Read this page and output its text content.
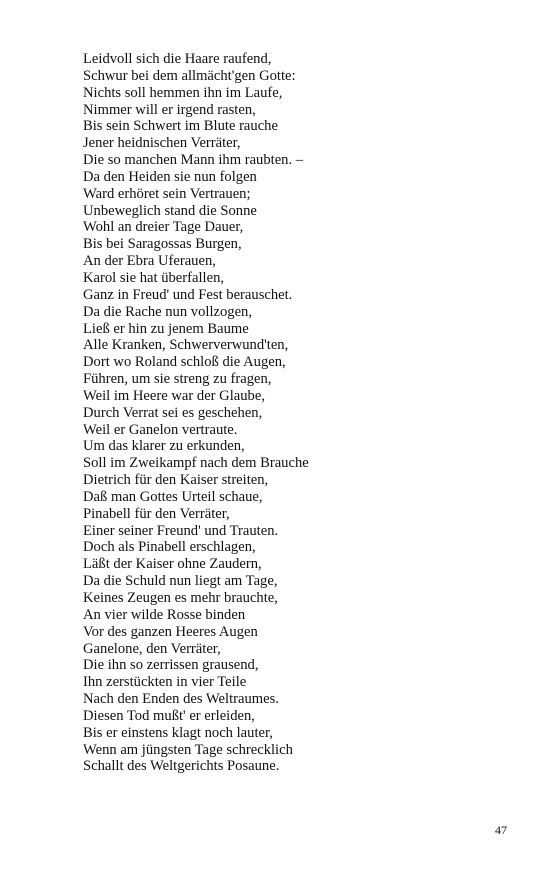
Leidvoll sich die Haare raufend,
Schwur bei dem allmächt'gen Gotte:
Nichts soll hemmen ihn im Laufe,
Nimmer will er irgend rasten,
Bis sein Schwert im Blute rauche
Jener heidnischen Verräter,
Die so manchen Mann ihm raubten. –
Da den Heiden sie nun folgen
Ward erhöret sein Vertrauen;
Unbeweglich stand die Sonne
Wohl an dreier Tage Dauer,
Bis bei Saragossas Burgen,
An der Ebra Uferauen,
Karol sie hat überfallen,
Ganz in Freud' und Fest berauschet.
Da die Rache nun vollzogen,
Ließ er hin zu jenem Baume
Alle Kranken, Schwerverwund'ten,
Dort wo Roland schloß die Augen,
Führen, um sie streng zu fragen,
Weil im Heere war der Glaube,
Durch Verrat sei es geschehen,
Weil er Ganelon vertraute.
Um das klarer zu erkunden,
Soll im Zweikampf nach dem Brauche
Dietrich für den Kaiser streiten,
Daß man Gottes Urteil schaue,
Pinabell für den Verräter,
Einer seiner Freund' und Trauten.
Doch als Pinabell erschlagen,
Läßt der Kaiser ohne Zaudern,
Da die Schuld nun liegt am Tage,
Keines Zeugen es mehr brauchte,
An vier wilde Rosse binden
Vor des ganzen Heeres Augen
Ganelone, den Verräter,
Die ihn so zerrissen grausend,
Ihn zerstückten in vier Teile
Nach den Enden des Weltraumes.
Diesen Tod mußt' er erleiden,
Bis er einstens klagt noch lauter,
Wenn am jüngsten Tage schrecklich
Schallt des Weltgerichts Posaune.
47
